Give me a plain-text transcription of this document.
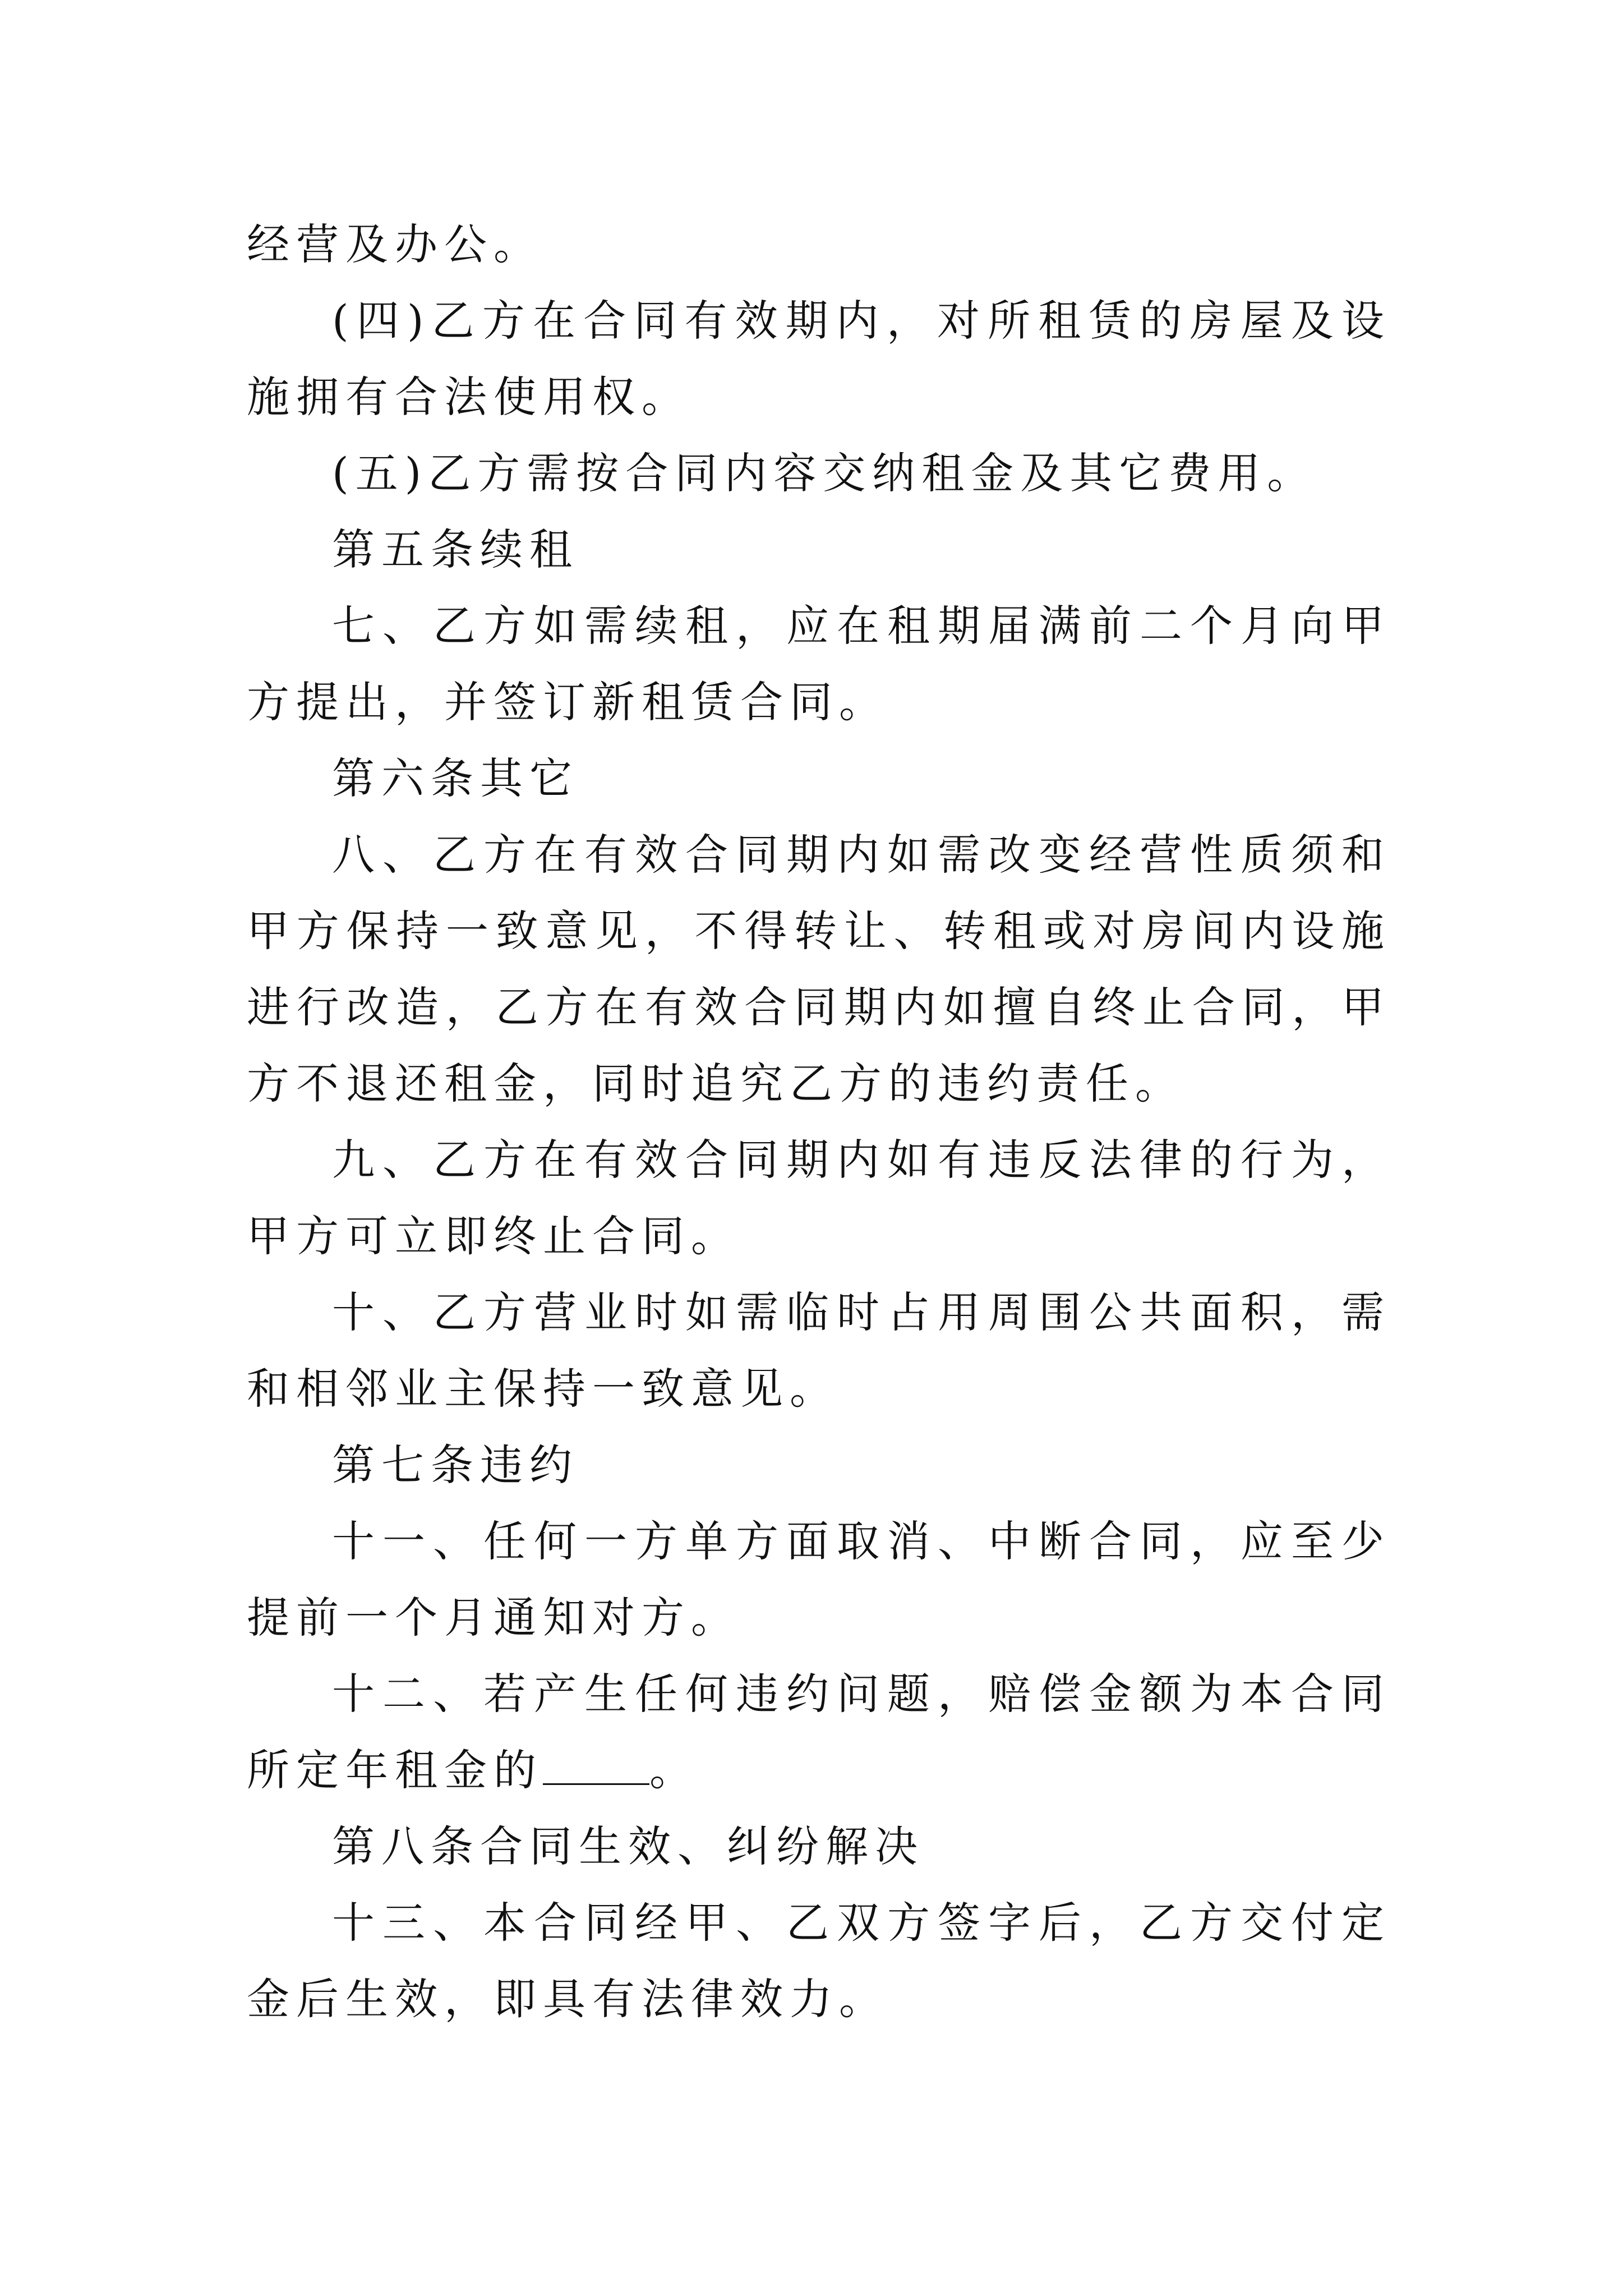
经营及办公。

(四)乙方在合同有效期内，对所租赁的房屋及设施拥有合法使用权。

(五)乙方需按合同内容交纳租金及其它费用。

第五条续租

七、乙方如需续租，应在租期届满前二个月向甲方提出，并签订新租赁合同。

第六条其它

八、乙方在有效合同期内如需改变经营性质须和甲方保持一致意见，不得转让、转租或对房间内设施进行改造，乙方在有效合同期内如擅自终止合同，甲方不退还租金，同时追究乙方的违约责任。

九、乙方在有效合同期内如有违反法律的行为，甲方可立即终止合同。

十、乙方营业时如需临时占用周围公共面积，需和相邻业主保持一致意见。

第七条违约

十一、任何一方单方面取消、中断合同，应至少提前一个月通知对方。

十二、若产生任何违约问题，赔偿金额为本合同所定年租金的	。

第八条合同生效、纠纷解决

十三、本合同经甲、乙双方签字后，乙方交付定金后生效，即具有法律效力。
